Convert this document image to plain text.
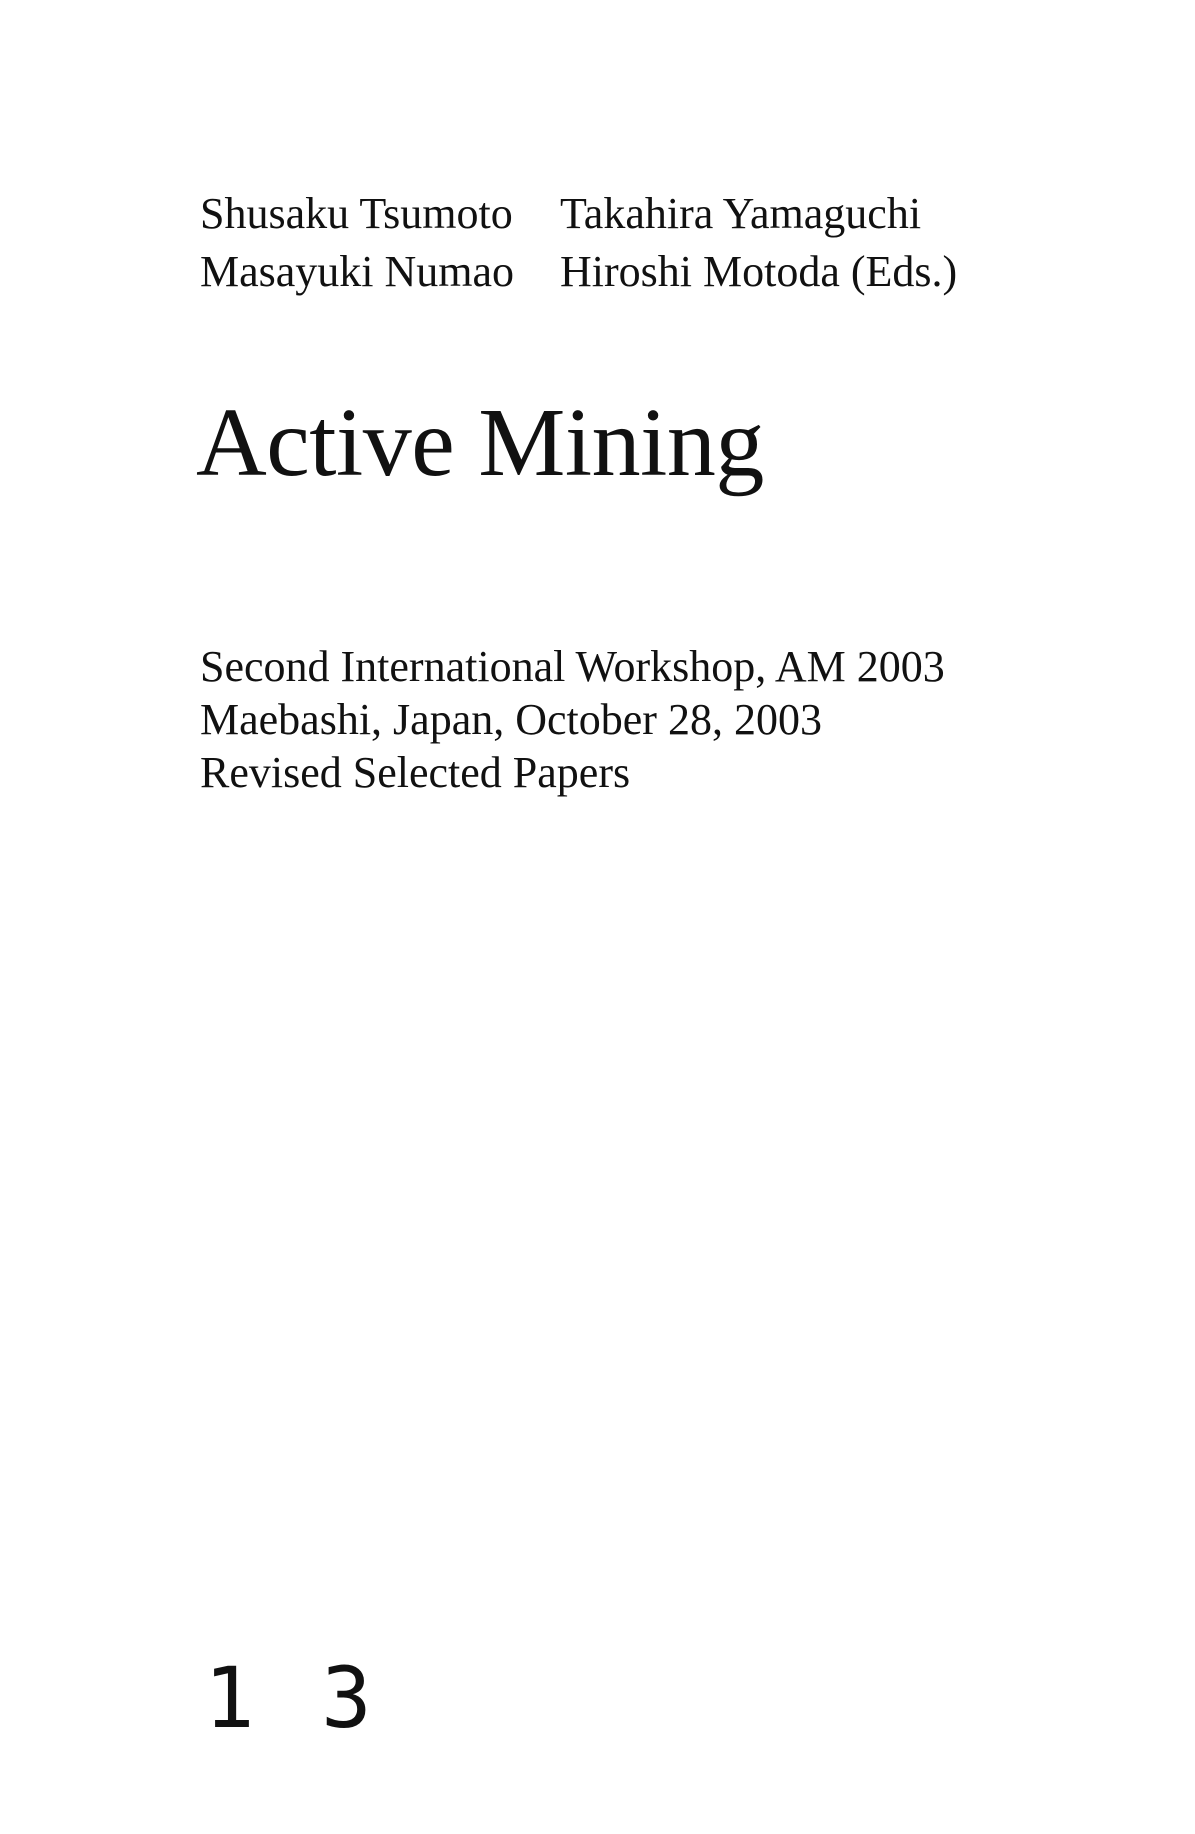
Shusaku Tsumoto	Takahira Yamaguchi
Masayuki Numao	Hiroshi Motoda (Eds.)
Active Mining
Second International Workshop, AM 2003
Maebashi, Japan, October 28, 2003
Revised Selected Papers
1 3
